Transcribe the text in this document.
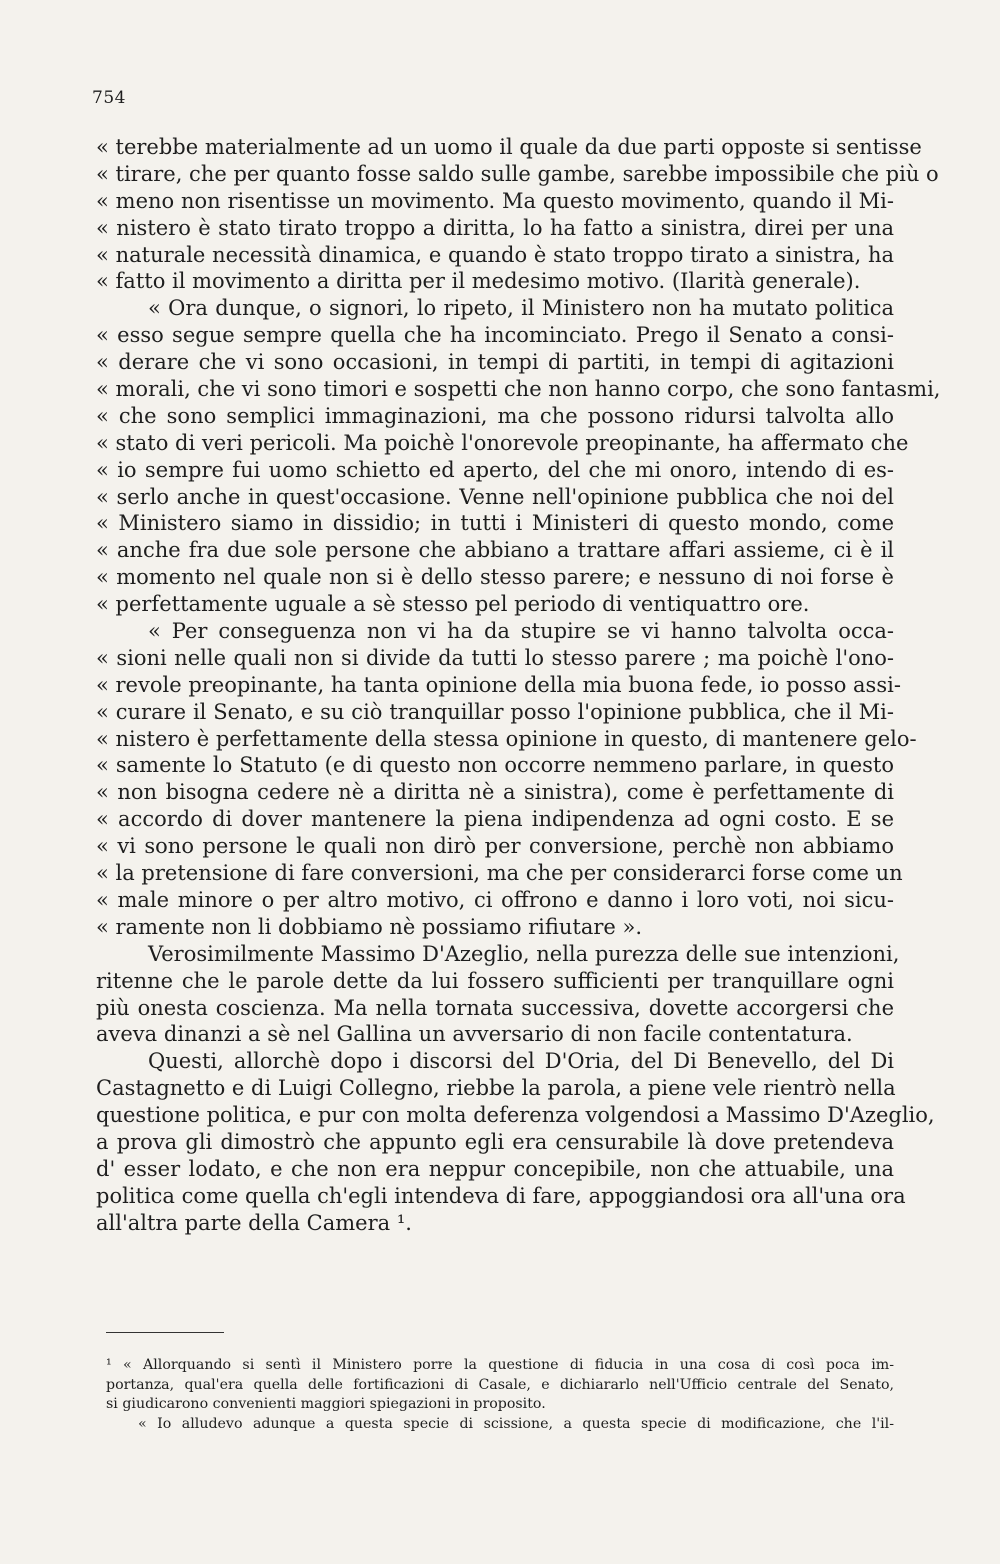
754
« terebbe materialmente ad un uomo il quale da due parti opposte si sentisse
« tirare, che per quanto fosse saldo sulle gambe, sarebbe impossibile che più o
« meno non risentisse un movimento. Ma questo movimento, quando il Mi-
« nistero è stato tirato troppo a diritta, lo ha fatto a sinistra, direi per una
« naturale necessità dinamica, e quando è stato troppo tirato a sinistra, ha
« fatto il movimento a diritta per il medesimo motivo. (Ilarità generale).
« Ora dunque, o signori, lo ripeto, il Ministero non ha mutato politica
« esso segue sempre quella che ha incominciato. Prego il Senato a consi-
« derare che vi sono occasioni, in tempi di partiti, in tempi di agitazioni
« morali, che vi sono timori e sospetti che non hanno corpo, che sono fantasmi,
« che sono semplici immaginazioni, ma che possono ridursi talvolta allo
« stato di veri pericoli. Ma poichè l'onorevole preopinante, ha affermato che
« io sempre fui uomo schietto ed aperto, del che mi onoro, intendo di es-
« serlo anche in quest'occasione. Venne nell'opinione pubblica che noi del
« Ministero siamo in dissidio; in tutti i Ministeri di questo mondo, come
« anche fra due sole persone che abbiano a trattare affari assieme, ci è il
« momento nel quale non si è dello stesso parere; e nessuno di noi forse è
« perfettamente uguale a sè stesso pel periodo di ventiquattro ore.
« Per conseguenza non vi ha da stupire se vi hanno talvolta occa-
« sioni nelle quali non si divide da tutti lo stesso parere ; ma poichè l'ono-
« revole preopinante, ha tanta opinione della mia buona fede, io posso assi-
« curare il Senato, e su ciò tranquillar posso l'opinione pubblica, che il Mi-
« nistero è perfettamente della stessa opinione in questo, di mantenere gelo-
« samente lo Statuto (e di questo non occorre nemmeno parlare, in questo
« non bisogna cedere nè a diritta nè a sinistra), come è perfettamente di
« accordo di dover mantenere la piena indipendenza ad ogni costo. E se
« vi sono persone le quali non dirò per conversione, perchè non abbiamo
« la pretensione di fare conversioni, ma che per considerarci forse come un
« male minore o per altro motivo, ci offrono e danno i loro voti, noi sicu-
« ramente non li dobbiamo nè possiamo rifiutare ».
Verosimilmente Massimo D'Azeglio, nella purezza delle sue intenzioni,
ritenne che le parole dette da lui fossero sufficienti per tranquillare ogni
più onesta coscienza. Ma nella tornata successiva, dovette accorgersi che
aveva dinanzi a sè nel Gallina un avversario di non facile contentatura.
Questi, allorchè dopo i discorsi del D'Oria, del Di Benevello, del Di
Castagnetto e di Luigi Collegno, riebbe la parola, a piene vele rientrò nella
questione politica, e pur con molta deferenza volgendosi a Massimo D'Azeglio,
a prova gli dimostrò che appunto egli era censurabile là dove pretendeva
d' esser lodato, e che non era neppur concepibile, non che attuabile, una
politica come quella ch'egli intendeva di fare, appoggiandosi ora all'una ora
all'altra parte della Camera ¹.
¹ « Allorquando si sentì il Ministero porre la questione di fiducia in una cosa di così poca im-
portanza, qual'era quella delle fortificazioni di Casale, e dichiararlo nell'Ufficio centrale del Senato,
si giudicarono convenienti maggiori spiegazioni in proposito.
« Io alludevo adunque a questa specie di scissione, a questa specie di modificazione, che l'il-
